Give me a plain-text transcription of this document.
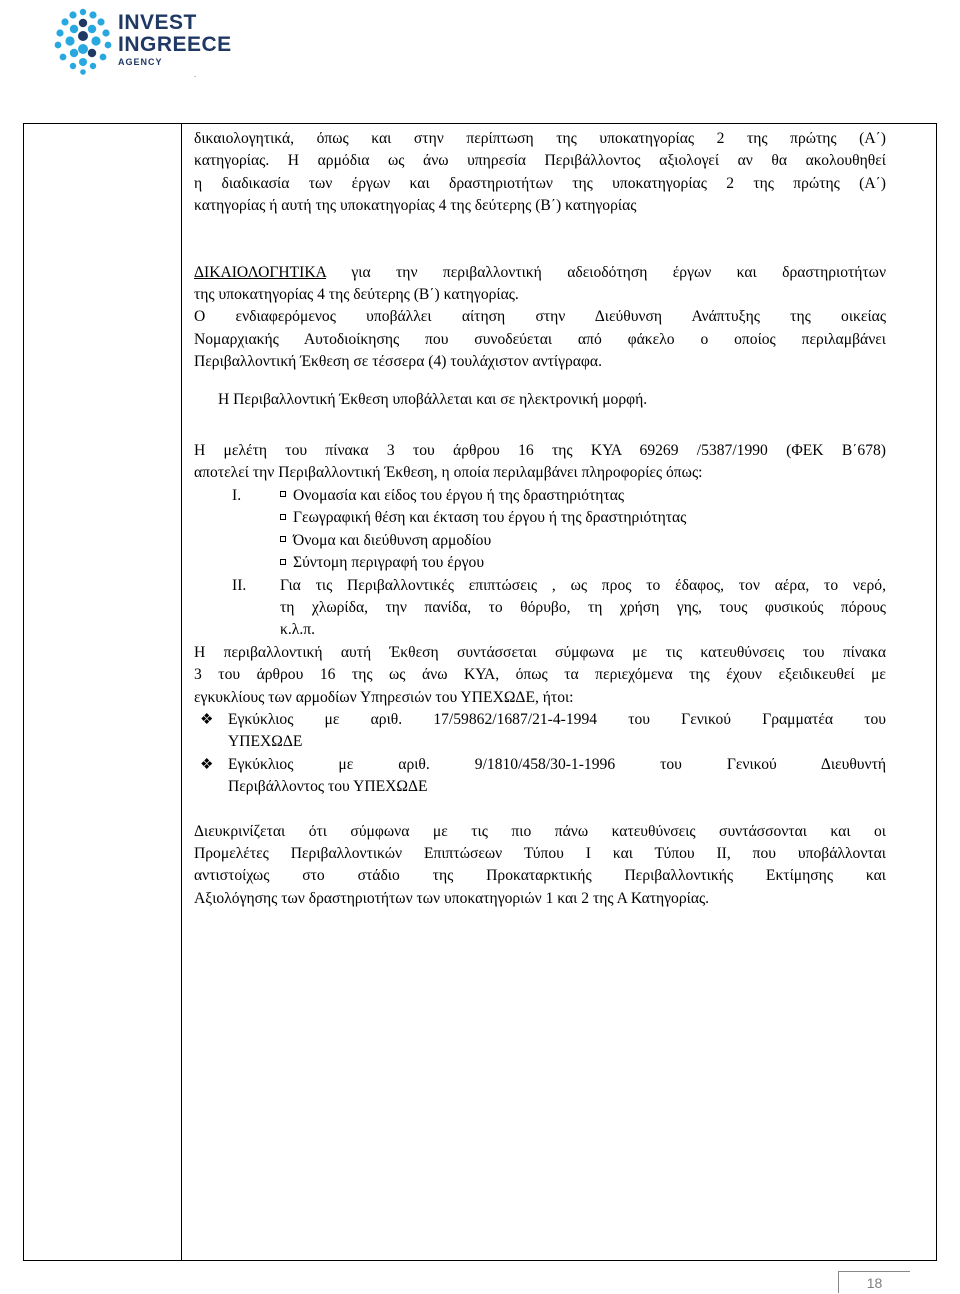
INVEST
INGREECE
AGENCY
.

δικαιολογητικά, όπως και στην περίπτωση της υποκατηγορίας 2 της πρώτης (Α΄)

κατηγορίας. Η αρμόδια ως άνω υπηρεσία Περιβάλλοντος αξιολογεί αν θα ακολουθηθεί

η διαδικασία των έργων και δραστηριοτήτων της υποκατηγορίας 2 της πρώτης (Α΄)

κατηγορίας ή αυτή της υποκατηγορίας 4 της δεύτερης (Β΄) κατηγορίας

ΔΙΚΑΙΟΛΟΓΗΤΙΚΑ για την περιβαλλοντική αδειοδότηση έργων και δραστηριοτήτων

της υποκατηγορίας 4 της δεύτερης (Β΄) κατηγορίας.

Ο ενδιαφερόμενος υποβάλλει αίτηση στην Διεύθυνση Ανάπτυξης της οικείας

Νομαρχιακής Αυτοδιοίκησης που συνοδεύεται από φάκελο ο οποίος περιλαμβάνει

Περιβαλλοντική Έκθεση σε τέσσερα (4) τουλάχιστον αντίγραφα.

Η Περιβαλλοντική Έκθεση υποβάλλεται και σε ηλεκτρονική μορφή.

Η μελέτη του πίνακα 3 του άρθρου 16 της ΚΥΑ 69269 /5387/1990 (ΦΕΚ Β΄678)

αποτελεί την Περιβαλλοντική Έκθεση, η οποία περιλαμβάνει πληροφορίες όπως:

I.	Ονομασία και είδος του έργου ή της δραστηριότητας
Γεωγραφική θέση και έκταση του έργου ή της δραστηριότητας
Όνομα και διεύθυνση αρμοδίου
Σύντομη περιγραφή του έργου
II.	Για τις Περιβαλλοντικές επιπτώσεις , ως προς το έδαφος, τον αέρα, το νερό,

τη χλωρίδα, την πανίδα, το θόρυβο, τη χρήση γης, τους φυσικούς πόρους

κ.λ.π.

Η περιβαλλοντική αυτή Έκθεση συντάσσεται σύμφωνα με τις κατευθύνσεις του πίνακα

3 του άρθρου 16 της ως άνω ΚΥΑ, όπως τα περιεχόμενα της έχουν εξειδικευθεί με

εγκυκλίους των αρμοδίων Υπηρεσιών του ΥΠΕΧΩΔΕ, ήτοι:

❖ Εγκύκλιος με αριθ. 17/59862/1687/21-4-1994 του Γενικού Γραμματέα του

ΥΠΕΧΩΔΕ

❖ Εγκύκλιος με αριθ. 9/1810/458/30-1-1996 του Γενικού Διευθυντή

Περιβάλλοντος του ΥΠΕΧΩΔΕ

Διευκρινίζεται ότι σύμφωνα με τις πιο πάνω κατευθύνσεις συντάσσονται και οι

Προμελέτες Περιβαλλοντικών Επιπτώσεων Τύπου Ι και Τύπου ΙΙ, που υποβάλλονται

αντιστοίχως στο στάδιο της Προκαταρκτικής Περιβαλλοντικής Εκτίμησης και

Αξιολόγησης των δραστηριοτήτων των υποκατηγοριών 1 και 2 της Α Κατηγορίας.

18
